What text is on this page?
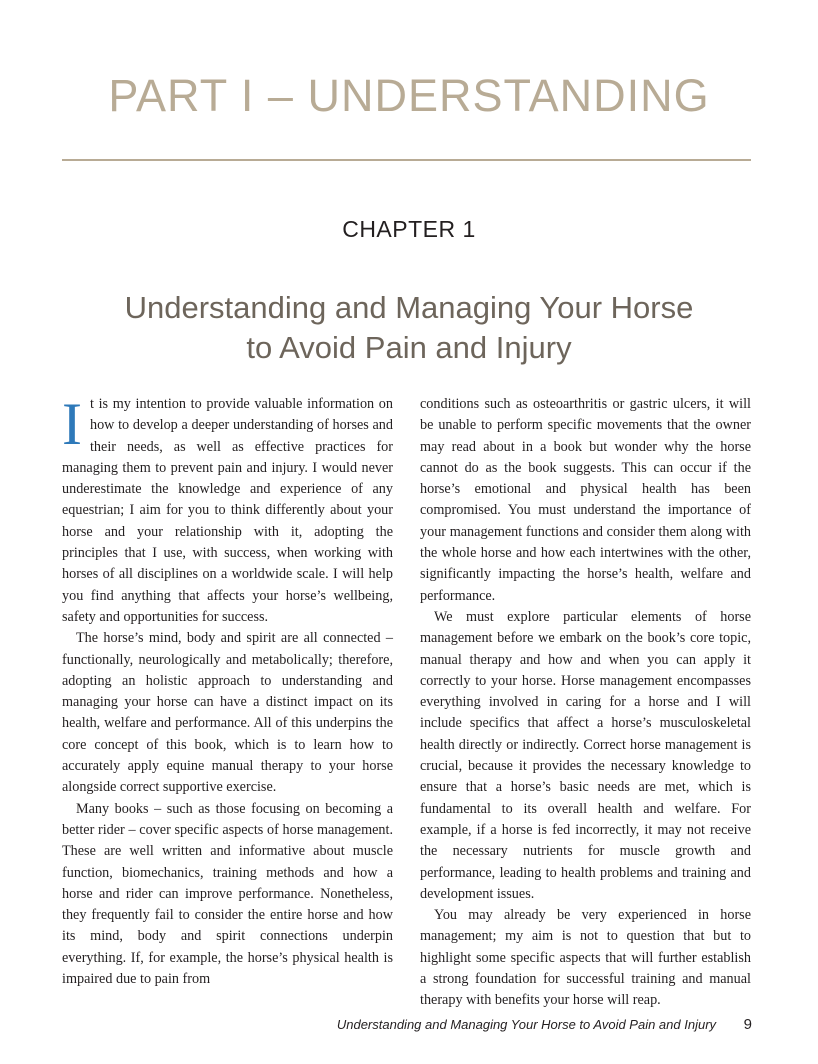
PART I – UNDERSTANDING
CHAPTER 1
Understanding and Managing Your Horse
to Avoid Pain and Injury

It is my intention to provide valuable information on how to develop a deeper understanding of horses and their needs, as well as effective practices for managing them to prevent pain and injury. I would never underestimate the knowledge and experience of any equestrian; I aim for you to think differently about your horse and your relationship with it, adopting the principles that I use, with success, when working with horses of all disciplines on a worldwide scale. I will help you find anything that affects your horse’s wellbeing, safety and opportunities for success.

The horse’s mind, body and spirit are all connected – functionally, neurologically and metabolically; therefore, adopting an holistic approach to understanding and managing your horse can have a distinct impact on its health, welfare and performance. All of this underpins the core concept of this book, which is to learn how to accurately apply equine manual therapy to your horse alongside correct supportive exercise.

Many books – such as those focusing on becoming a better rider – cover specific aspects of horse management. These are well written and informative about muscle function, biomechanics, training methods and how a horse and rider can improve performance. Nonetheless, they frequently fail to consider the entire horse and how its mind, body and spirit connections underpin everything. If, for example, the horse’s physical health is impaired due to pain from

conditions such as osteoarthritis or gastric ulcers, it will be unable to perform specific movements that the owner may read about in a book but wonder why the horse cannot do as the book suggests. This can occur if the horse’s emotional and physical health has been compromised. You must understand the importance of your management functions and consider them along with the whole horse and how each intertwines with the other, significantly impacting the horse’s health, welfare and performance.

We must explore particular elements of horse management before we embark on the book’s core topic, manual therapy and how and when you can apply it correctly to your horse. Horse management encompasses everything involved in caring for a horse and I will include specifics that affect a horse’s musculoskeletal health directly or indirectly. Correct horse management is crucial, because it provides the necessary knowledge to ensure that a horse’s basic needs are met, which is fundamental to its overall health and welfare. For example, if a horse is fed incorrectly, it may not receive the necessary nutrients for muscle growth and performance, leading to health problems and training and development issues.

You may already be very experienced in horse management; my aim is not to question that but to highlight some specific aspects that will further establish a strong foundation for successful training and manual therapy with benefits your horse will reap.

Understanding and Managing Your Horse to Avoid Pain and Injury 9
